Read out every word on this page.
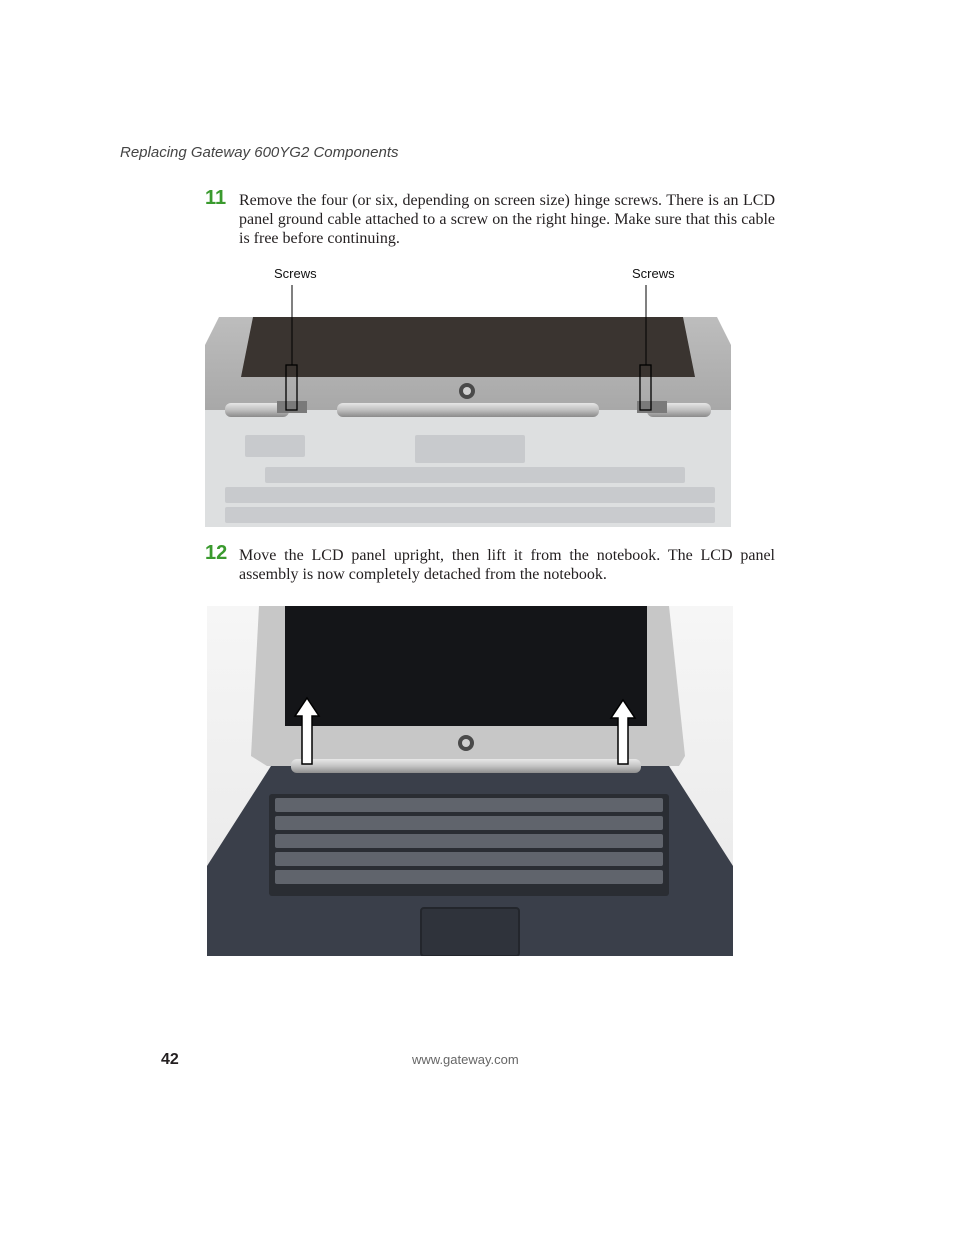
Replacing Gateway 600YG2 Components
11 Remove the four (or six, depending on screen size) hinge screws. There is an LCD panel ground cable attached to a screw on the right hinge. Make sure that this cable is free before continuing.
Screws	Screws
12 Move the LCD panel upright, then lift it from the notebook. The LCD panel assembly is now completely detached from the notebook.
42	www.gateway.com
